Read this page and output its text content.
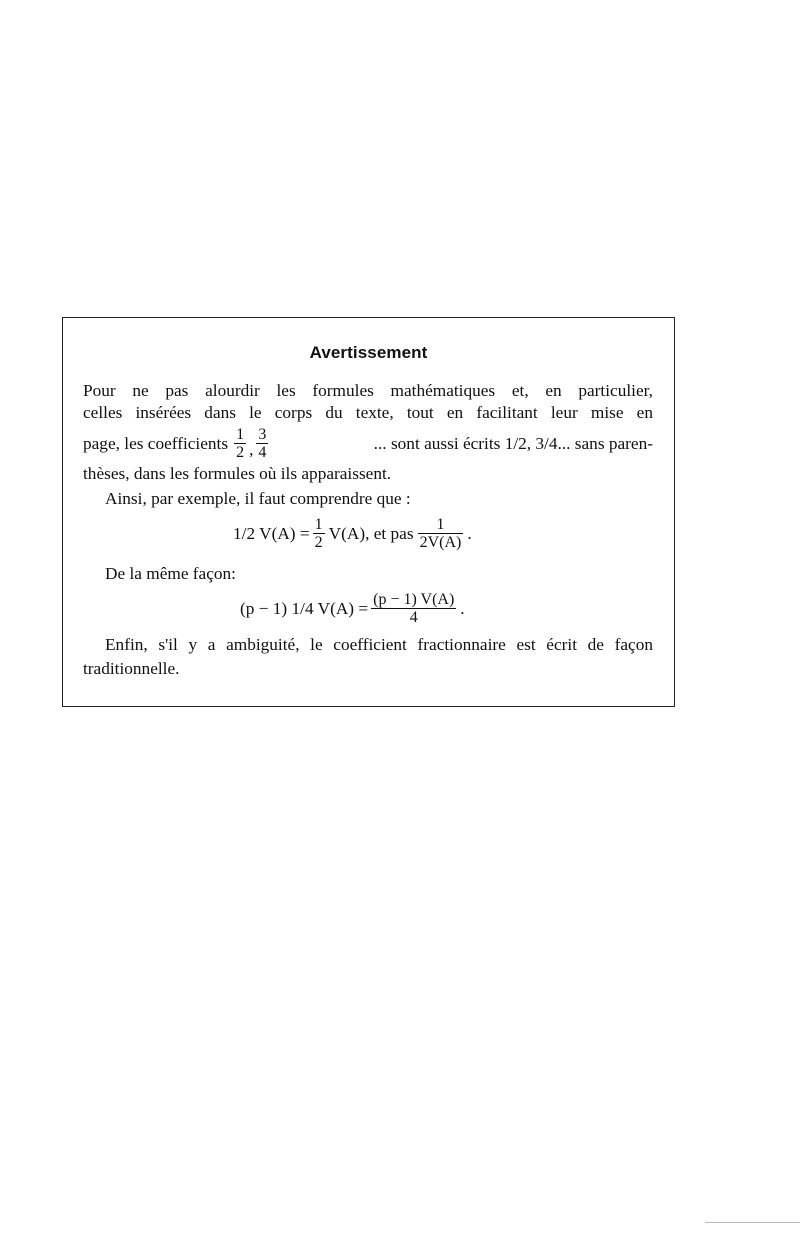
Avertissement
Pour ne pas alourdir les formules mathématiques et, en particulier,
celles insérées dans le corps du texte, tout en facilitant leur mise en
page, les coefficients $\frac{1}{2}$ , $\frac{3}{4}$	... sont aussi écrits 1/2, 3/4... sans paren-
thèses, dans les formules où ils apparaissent.
Ainsi, par exemple, il faut comprendre que :
1/2 $V(A) = \frac{1}{2} V(A)$, et pas $\frac{1}{2V(A)}$ .
De la même façon:
(p − 1) 1/4 $V(A) = \frac{(p - 1) V(A)}{4}$ .
Enfin, s'il y a ambiguité, le coefficient fractionnaire est écrit de façon
traditionnelle.
